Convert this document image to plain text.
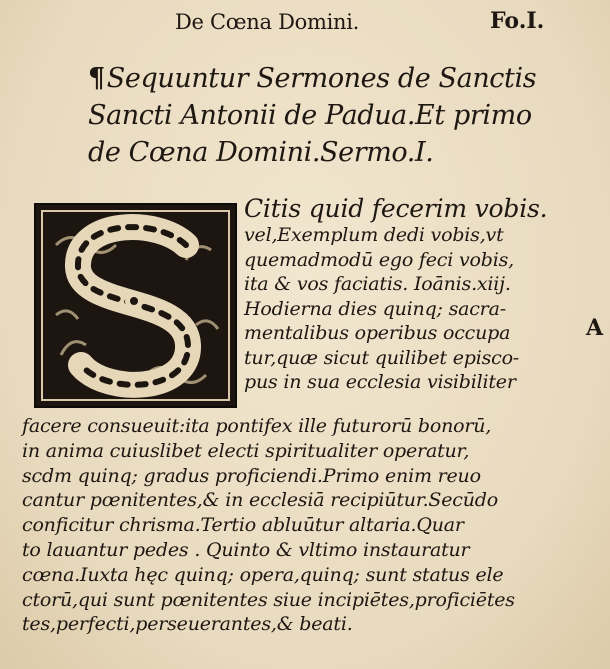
De Cœna Domini.	Fo.I.
¶Sequuntur Sermones de Sanctis
Sancti Antonii de Padua.Et primo
de Cœna Domini.Sermo.I.
Citis quid fecerim vobis.
vel,Exemplum dedi vobis,vt
quemadmodū ego feci vobis,
ita & vos faciatis. Ioānis.xiij.
Hodierna dies quinq; sacra-
mentalibus operibus occupa
tur,quæ sicut quilibet episco-
pus in sua ecclesia visibiliter
A
facere consueuit:ita pontifex ille futurorū bonorū,
in anima cuiuslibet electi spiritualiter operatur,
scdm quinq; gradus proficiendi.Primo enim reuo
cantur pœnitentes,& in ecclesiā recipiūtur.Secūdo
conficitur chrisma.Tertio abluūtur altaria.Quar
to lauantur pedes . Quinto & vltimo instauratur
cœna.Iuxta hęc quinq; opera,quinq; sunt status ele
ctorū,qui sunt pœnitentes siue incipiētes,proficiētes
tes,perfecti,perseuerantes,& beati.
